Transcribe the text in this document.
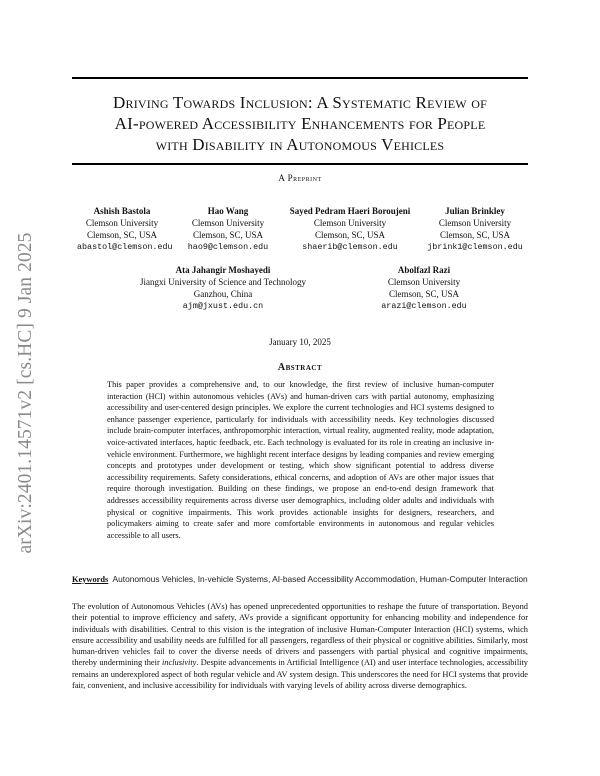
arXiv:2401.14571v2 [cs.HC] 9 Jan 2025
Driving Towards Inclusion: A Systematic Review of
AI-powered Accessibility Enhancements for People
with Disability in Autonomous Vehicles
A Preprint
Ashish Bastola
Clemson University
Clemson, SC, USA
abastol@clemson.edu
Hao Wang
Clemson University
Clemson, SC, USA
hao9@clemson.edu
Sayed Pedram Haeri Boroujeni
Clemson University
Clemson, SC, USA
shaerib@clemson.edu
Julian Brinkley
Clemson University
Clemson, SC, USA
jbrink1@clemson.edu
Ata Jahangir Moshayedi
Jiangxi University of Science and Technology
Ganzhou, China
ajm@jxust.edu.cn
Abolfazl Razi
Clemson University
Clemson, SC, USA
arazi@clemson.edu
January 10, 2025
Abstract

This paper provides a comprehensive and, to our knowledge, the first review of inclusive human-computer interaction (HCI) within autonomous vehicles (AVs) and human-driven cars with partial autonomy, emphasizing accessibility and user-centered design principles. We explore the current technologies and HCI systems designed to enhance passenger experience, particularly for individuals with accessibility needs. Key technologies discussed include brain-computer interfaces, anthropomorphic interaction, virtual reality, augmented reality, mode adaptation, voice-activated interfaces, haptic feedback, etc. Each technology is evaluated for its role in creating an inclusive in-vehicle environment. Furthermore, we highlight recent interface designs by leading companies and review emerging concepts and prototypes under development or testing, which show significant potential to address diverse accessibility requirements. Safety considerations, ethical concerns, and adoption of AVs are other major issues that require thorough investigation. Building on these findings, we propose an end-to-end design framework that addresses accessibility requirements across diverse user demographics, including older adults and individuals with physical or cognitive impairments. This work provides actionable insights for designers, researchers, and policymakers aiming to create safer and more comfortable environments in autonomous and regular vehicles accessible to all users.

Keywords Autonomous Vehicles, In-vehicle Systems, AI-based Accessibility Accommodation, Human-Computer Interaction

The evolution of Autonomous Vehicles (AVs) has opened unprecedented opportunities to reshape the future of transportation. Beyond their potential to improve efficiency and safety, AVs provide a significant opportunity for enhancing mobility and independence for individuals with disabilities. Central to this vision is the integration of inclusive Human-Computer Interaction (HCI) systems, which ensure accessibility and usability needs are fulfilled for all passengers, regardless of their physical or cognitive abilities. Similarly, most human-driven vehicles fail to cover the diverse needs of drivers and passengers with partial physical and cognitive impairments, thereby undermining their inclusivity. Despite advancements in Artificial Intelligence (AI) and user interface technologies, accessibility remains an underexplored aspect of both regular vehicle and AV system design. This underscores the need for HCI systems that provide fair, convenient, and inclusive accessibility for individuals with varying levels of ability across diverse demographics.
